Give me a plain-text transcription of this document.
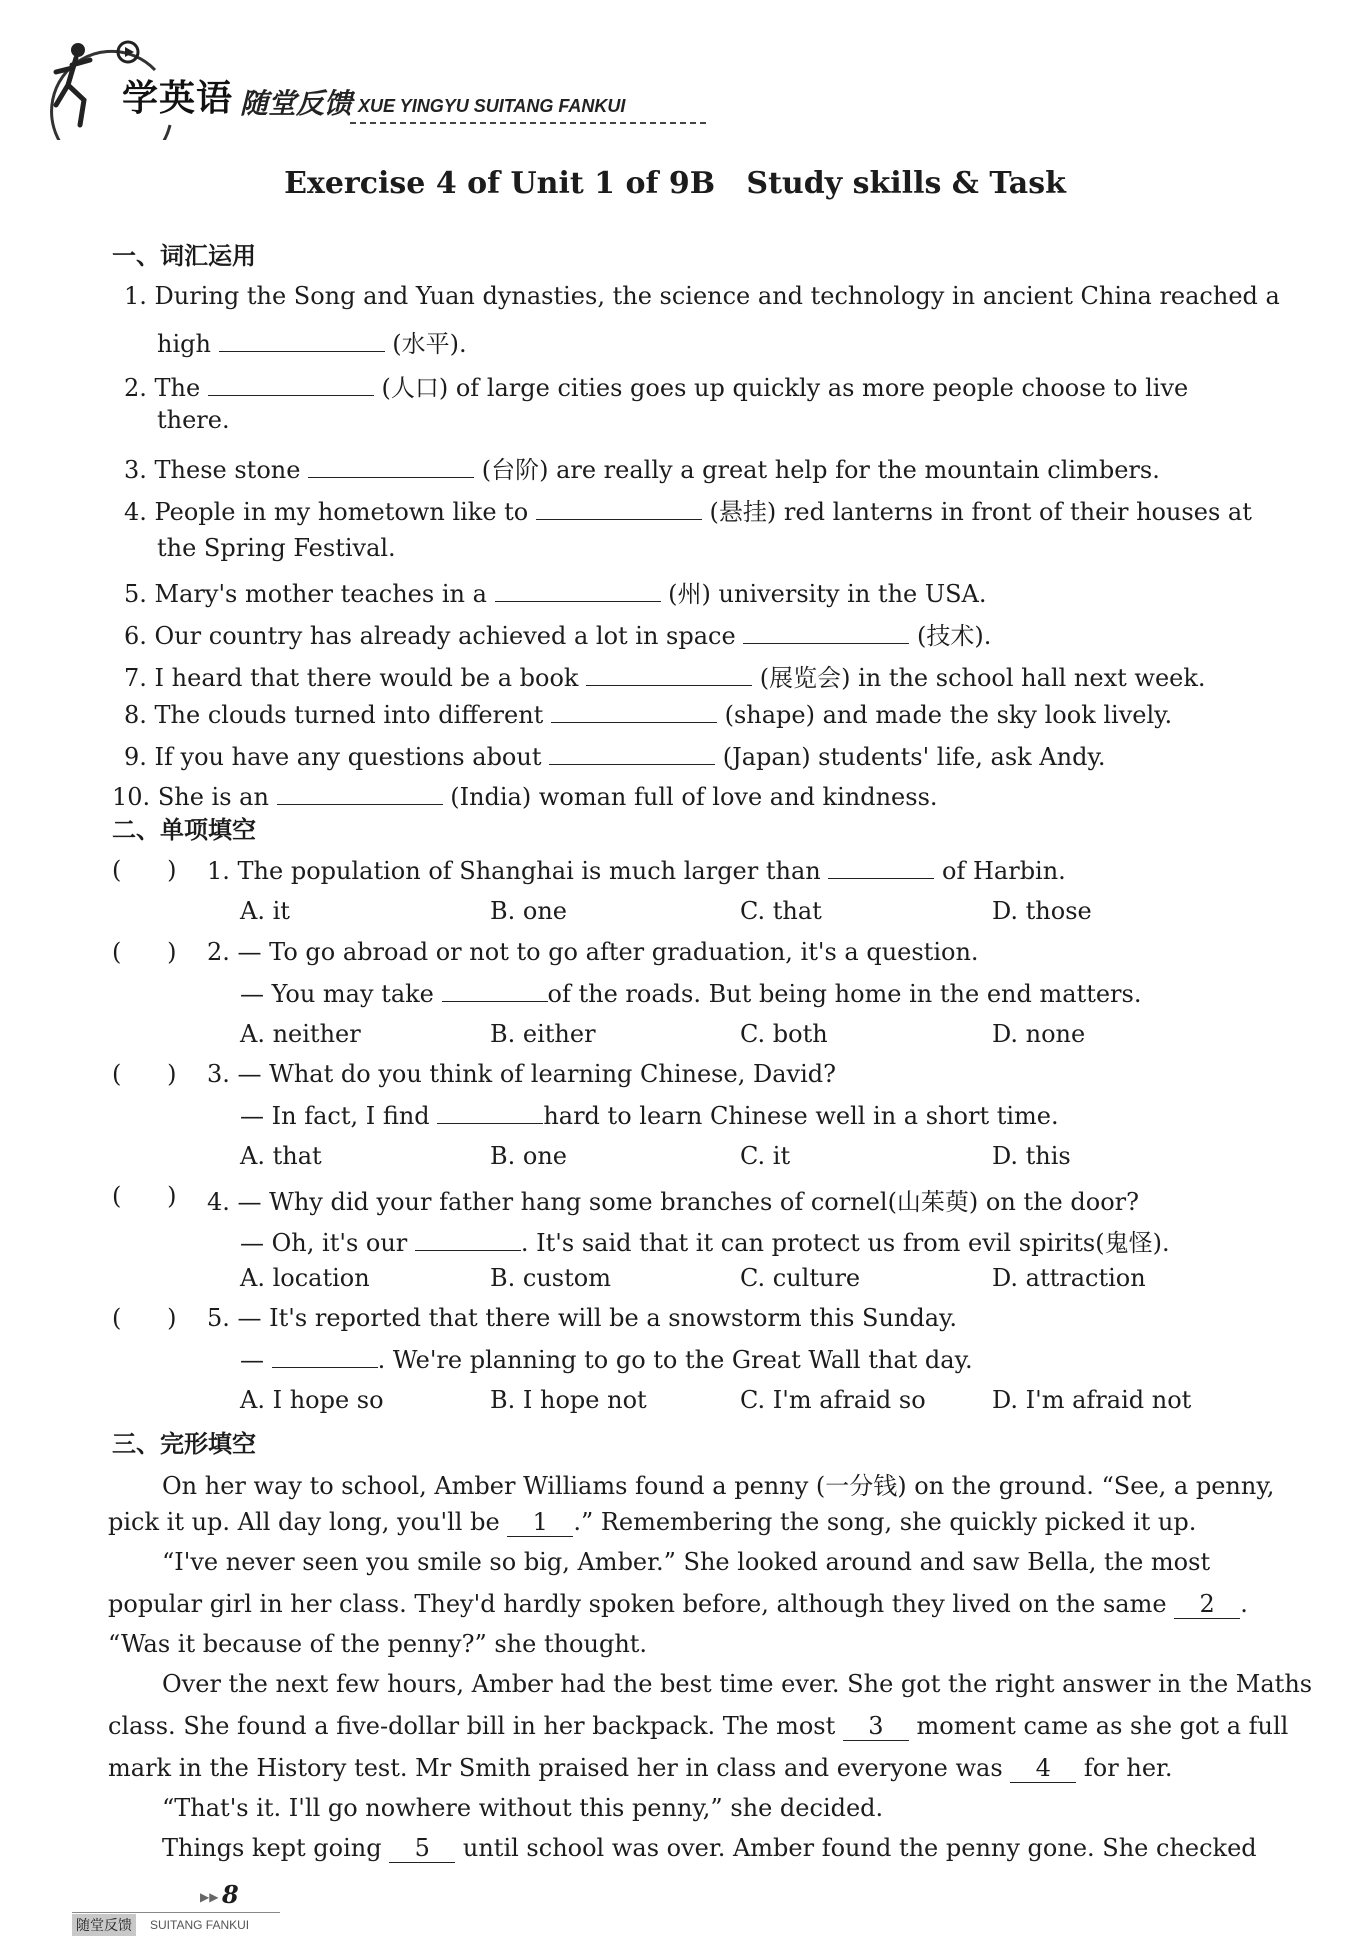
学英语 随堂反馈 XUE YINGYU SUITANG FANKUI
Exercise 4 of Unit 1 of 9B   Study skills & Task
一、词汇运用
1. During the Song and Yuan dynasties, the science and technology in ancient China reached a
high	(水平).
2. The	(人口) of large cities goes up quickly as more people choose to live
there.
3. These stone	(台阶) are really a great help for the mountain climbers.
4. People in my hometown like to	(悬挂) red lanterns in front of their houses at
the Spring Festival.
5. Mary's mother teaches in a	(州) university in the USA.
6. Our country has already achieved a lot in space	(技术).
7. I heard that there would be a book	(展览会) in the school hall next week.
8. The clouds turned into different	(shape) and made the sky look lively.
9. If you have any questions about	(Japan) students' life, ask Andy.
10. She is an	(India) woman full of love and kindness.
二、单项填空
(      ) 1. The population of Shanghai is much larger than	of Harbin.
A. it	B. one	C. that	D. those
(      ) 2. — To go abroad or not to go after graduation, it's a question.
— You may take	of the roads. But being home in the end matters.
A. neither	B. either	C. both	D. none
(      ) 3. — What do you think of learning Chinese, David?
— In fact, I find	hard to learn Chinese well in a short time.
A. that	B. one	C. it	D. this
(      ) 4. — Why did your father hang some branches of cornel(山茱萸) on the door?
— Oh, it's our	. It's said that it can protect us from evil spirits(鬼怪).
A. location	B. custom	C. culture	D. attraction
(      ) 5. — It's reported that there will be a snowstorm this Sunday.
—	. We're planning to go to the Great Wall that day.
A. I hope so	B. I hope not	C. I'm afraid so	D. I'm afraid not
三、完形填空
On her way to school, Amber Williams found a penny (一分钱) on the ground. “See, a penny,
pick it up. All day long, you'll be 1 .” Remembering the song, she quickly picked it up.
“I've never seen you smile so big, Amber.” She looked around and saw Bella, the most
popular girl in her class. They'd hardly spoken before, although they lived on the same 2 .
“Was it because of the penny?” she thought.
Over the next few hours, Amber had the best time ever. She got the right answer in the Maths
class. She found a five-dollar bill in her backpack. The most 3 moment came as she got a full
mark in the History test. Mr Smith praised her in class and everyone was 4 for her.
“That's it. I'll go nowhere without this penny,” she decided.
Things kept going 5 until school was over. Amber found the penny gone. She checked
▶▶ 8
随堂反馈	SUITANG FANKUI
